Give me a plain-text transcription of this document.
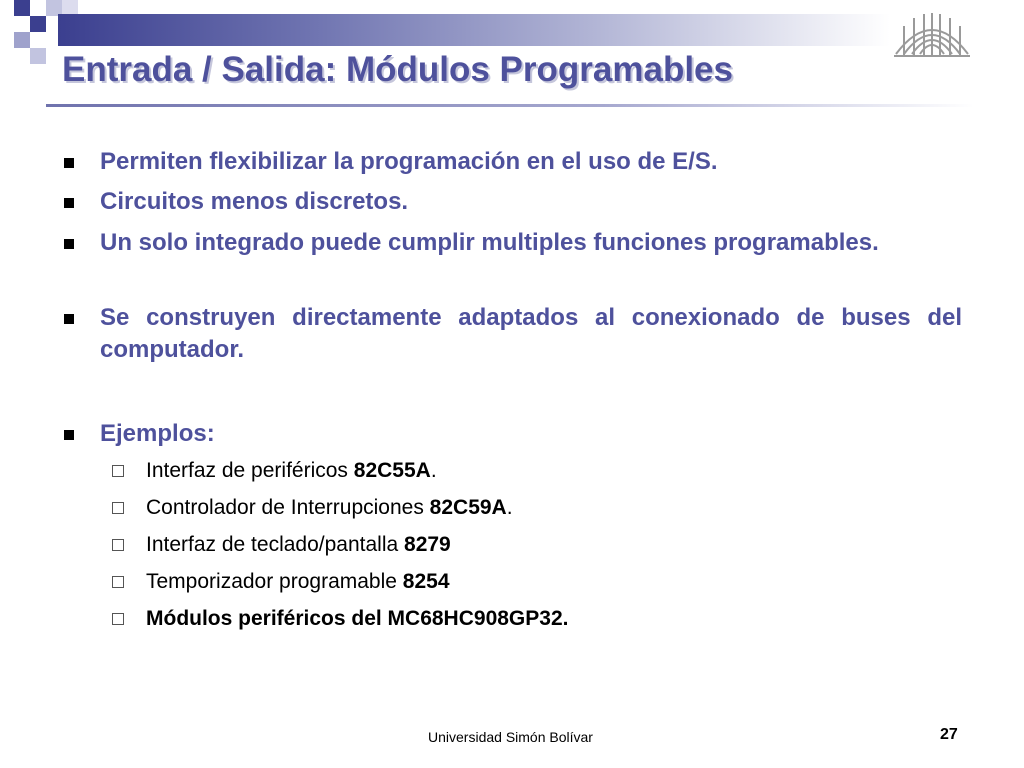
Entrada / Salida: Módulos Programables
Permiten flexibilizar la programación en el uso de E/S.
Circuitos menos discretos.
Un solo integrado puede cumplir multiples funciones programables.
Se construyen directamente adaptados al conexionado de buses del computador.
Ejemplos:
Interfaz de periféricos 82C55A.
Controlador de Interrupciones 82C59A.
Interfaz de teclado/pantalla 8279
Temporizador programable 8254
Módulos periféricos del MC68HC908GP32.
Universidad Simón Bolívar	27
